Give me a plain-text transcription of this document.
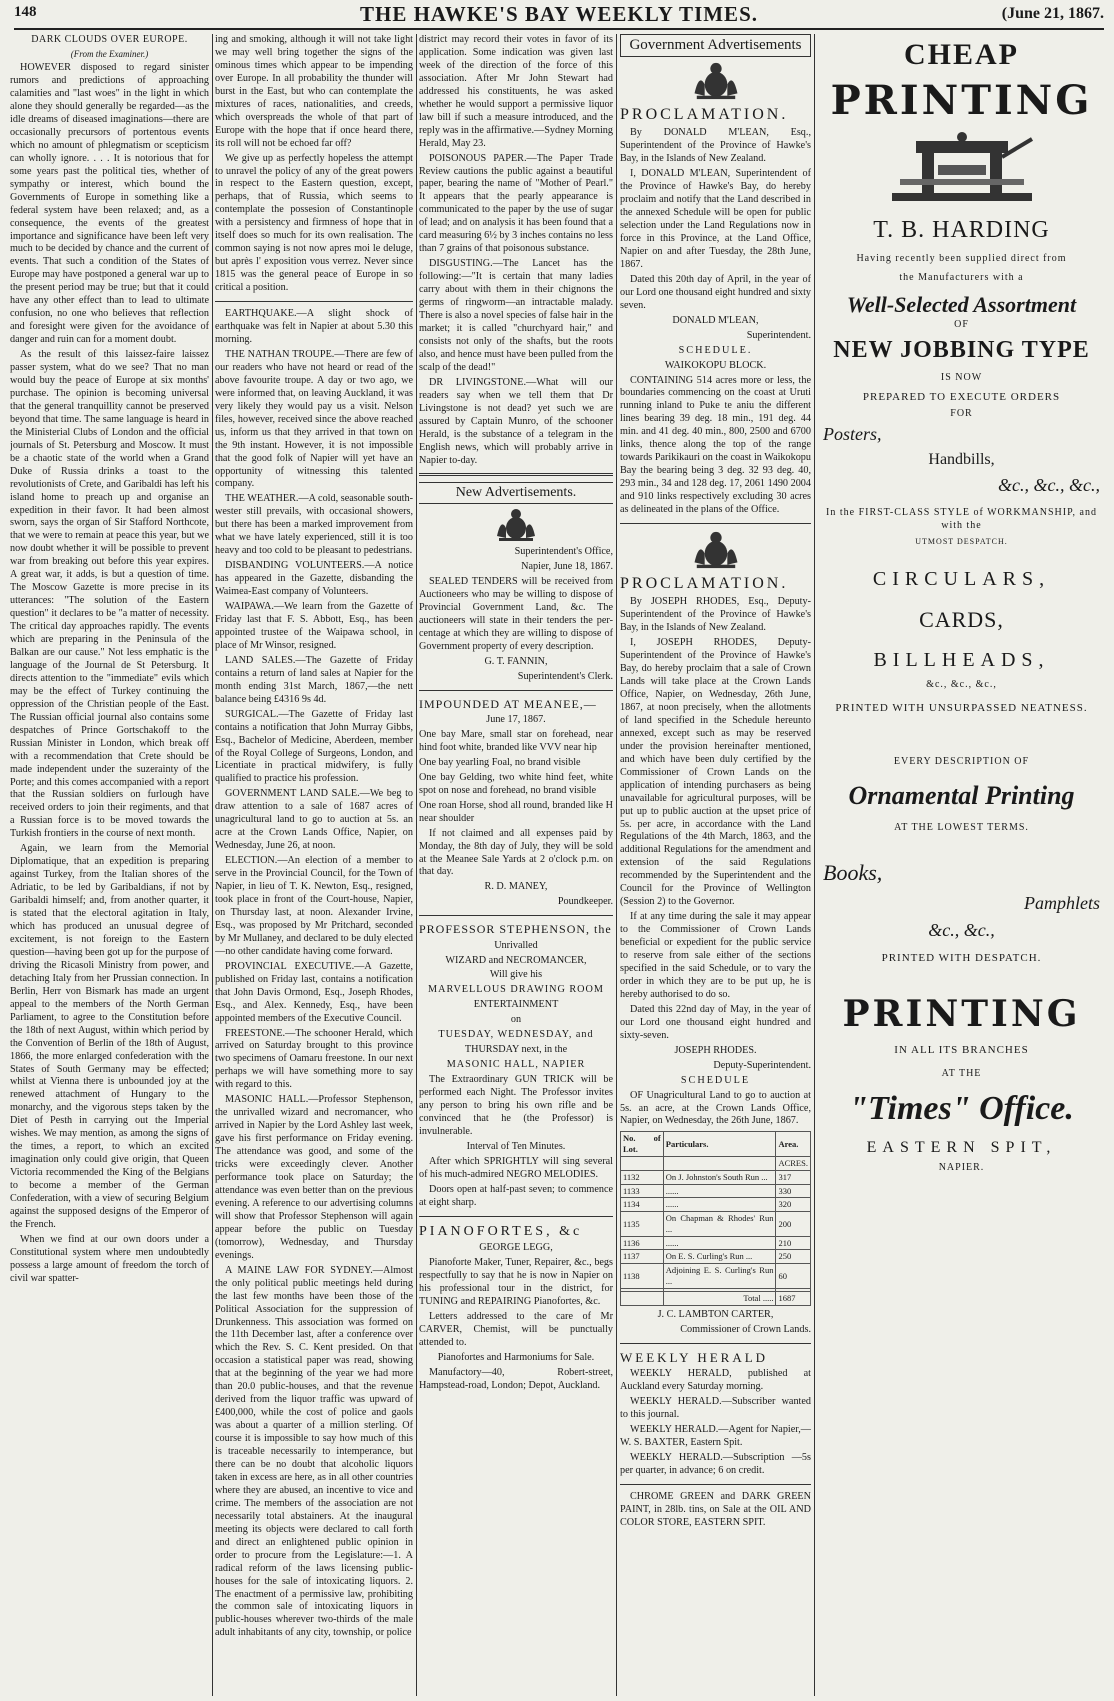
148	THE HAWKE'S BAY WEEKLY TIMES.	(June 21, 1867.

DARK CLOUDS OVER EUROPE.

(From the Examiner.)

HOWEVER disposed to regard sinister rumors and predictions of approaching calamities and "last woes" in the light in which alone they should generally be regarded—as the idle dreams of diseased imaginations—there are occasionally precursors of portentous events which no amount of phlegmatism or scepticism can wholly ignore. . . . It is notorious that for some years past the political ties, whether of sympathy or interest, which bound the Governments of Europe in something like a federal system have been relaxed; and, as a consequence, the events of the greatest importance and significance have been left very much to be decided by chance and the current of events. That such a condition of the States of Europe may have postponed a general war up to the present period may be true; but that it could have any other effect than to lead to ultimate confusion, no one who believes that reflection and foresight were given for the avoidance of danger and ruin can for a moment doubt.

As the result of this laissez-faire laissez passer system, what do we see? That no man would buy the peace of Europe at six months' purchase. The opinion is becoming universal that the general tranquillity cannot be preserved beyond that time. The same language is heard in the Ministerial Clubs of London and the official journals of St. Petersburg and Moscow. It must be a chaotic state of the world when a Grand Duke of Russia drinks a toast to the revolutionists of Crete, and Garibaldi has left his island home to preach up and organise an expedition in their favor. It had been almost sworn, says the organ of Sir Stafford Northcote, that we were to remain at peace this year, but we now doubt whether it will be possible to prevent war from breaking out before this year expires. A great war, it adds, is but a question of time. The Moscow Gazette is more precise in its utterances: "The solution of the Eastern question" it declares to be "a matter of necessity. The critical day approaches rapidly. The events which are preparing in the Peninsula of the Balkan are our cause." Not less emphatic is the language of the Journal de St Petersburg. It directs attention to the "immediate" evils which may be the effect of Turkey continuing the oppression of the Christian people of the East. The Russian official journal also contains some despatches of Prince Gortschakoff to the Russian Minister in London, which break off with a recommendation that Crete should be made independent under the suzerainty of the Porte; and this comes accompanied with a report that the Russian soldiers on furlough have received orders to join their regiments, and that a Russian force is to be moved towards the Turkish frontiers in the course of next month.

Again, we learn from the Memorial Diplomatique, that an expedition is preparing against Turkey, from the Italian shores of the Adriatic, to be led by Garibaldians, if not by Garibaldi himself; and, from another quarter, it is stated that the electoral agitation in Italy, which has produced an unusual degree of excitement, is not foreign to the Eastern question—having been got up for the purpose of driving the Ricasoli Ministry from power, and detaching Italy from her Prussian connection. In Berlin, Herr von Bismark has made an urgent appeal to the members of the North German Parliament, to agree to the Constitution before the 18th of next August, within which period by the Convention of Berlin of the 18th of August, 1866, the more enlarged confederation with the States of South Germany may be effected; whilst at Vienna there is unbounded joy at the renewed attachment of Hungary to the monarchy, and the vigorous steps taken by the Diet of Pesth in carrying out the Imperial wishes. We may mention, as among the signs of the times, a report, to which an excited imagination only could give origin, that Queen Victoria recommended the King of the Belgians to become a member of the German Confederation, with a view of securing Belgium against the supposed designs of the Emperor of the French.

When we find at our own doors under a Constitutional system where men undoubtedly possess a large amount of freedom the torch of civil war spatter-

ing and smoking, although it will not take light we may well bring together the signs of the ominous times which appear to be impending over Europe. In all probability the thunder will burst in the East, but who can contemplate the mixtures of races, nationalities, and creeds, which overspreads the whole of that part of Europe with the hope that if once heard there, its roll will not be echoed far off?

We give up as perfectly hopeless the attempt to unravel the policy of any of the great powers in respect to the Eastern question, except, perhaps, that of Russia, which seems to contemplate the possesion of Constantinople with a persistency and firmness of hope that in itself does so much for its own realisation. The common saying is not now apres moi le deluge, but après l' exposition vous verrez. Never since 1815 was the general peace of Europe in so critical a position.

EARTHQUAKE.—A slight shock of earthquake was felt in Napier at about 5.30 this morning.

THE NATHAN TROUPE.—There are few of our readers who have not heard or read of the above favourite troupe. A day or two ago, we were informed that, on leaving Auckland, it was very likely they would pay us a visit. Nelson files, however, received since the above reached us, inform us that they arrived in that town on the 9th instant. However, it is not impossible that the good folk of Napier will yet have an opportunity of witnessing this talented company.

THE WEATHER.—A cold, seasonable south-wester still prevails, with occasional showers, but there has been a marked improvement from what we have lately experienced, still it is too heavy and too cold to be pleasant to pedestrians.

DISBANDING VOLUNTEERS.—A notice has appeared in the Gazette, disbanding the Waimea-East company of Volunteers.

WAIPAWA.—We learn from the Gazette of Friday last that F. S. Abbott, Esq., has been appointed trustee of the Waipawa school, in place of Mr Winsor, resigned.

LAND SALES.—The Gazette of Friday contains a return of land sales at Napier for the month ending 31st March, 1867,—the nett balance being £4316 9s 4d.

SURGICAL.—The Gazette of Friday last contains a notification that John Murray Gibbs, Esq., Bachelor of Medicine, Aberdeen, member of the Royal College of Surgeons, London, and Licentiate in practical midwifery, is fully qualified to practice his profession.

GOVERNMENT LAND SALE.—We beg to draw attention to a sale of 1687 acres of unagricultural land to go to auction at 5s. an acre at the Crown Lands Office, Napier, on Wednesday, June 26, at noon.

ELECTION.—An election of a member to serve in the Provincial Council, for the Town of Napier, in lieu of T. K. Newton, Esq., resigned, took place in front of the Court-house, Napier, on Thursday last, at noon. Alexander Irvine, Esq., was proposed by Mr Pritchard, seconded by Mr Mullaney, and declared to be duly elected—no other candidate having come forward.

PROVINCIAL EXECUTIVE.—A Gazette, published on Friday last, contains a notification that John Davis Ormond, Esq., Joseph Rhodes, Esq., and Alex. Kennedy, Esq., have been appointed members of the Executive Council.

FREESTONE.—The schooner Herald, which arrived on Saturday brought to this province two specimens of Oamaru freestone. In our next perhaps we will have something more to say with regard to this.

MASONIC HALL.—Professor Stephenson, the unrivalled wizard and necromancer, who arrived in Napier by the Lord Ashley last week, gave his first performance on Friday evening. The attendance was good, and some of the tricks were exceedingly clever. Another performance took place on Saturday; the attendance was even better than on the previous evening. A reference to our advertising columns will show that Professor Stephenson will again appear before the public on Tuesday (tomorrow), Wednesday, and Thursday evenings.

A MAINE LAW FOR SYDNEY.—Almost the only political public meetings held during the last few months have been those of the Political Association for the suppression of Drunkenness. This association was formed on the 11th December last, after a conference over which the Rev. S. C. Kent presided. On that occasion a statistical paper was read, showing that at the beginning of the year we had more than 20.0 public-houses, and that the revenue derived from the liquor traffic was upward of £400,000, while the cost of police and gaols was about a quarter of a million sterling. Of course it is impossible to say how much of this is traceable necessarily to intemperance, but there can be no doubt that alcoholic liquors taken in excess are here, as in all other countries where they are abused, an incentive to vice and crime. The members of the association are not necessarily total abstainers. At the inaugural meeting its objects were declared to call forth and direct an enlightened public opinion in order to procure from the Legislature:—1. A radical reform of the laws licensing public-houses for the sale of intoxicating liquors. 2. The enactment of a permissive law, prohibiting the common sale of intoxicating liquors in public-houses wherever two-thirds of the male adult inhabitants of any city, township, or police

district may record their votes in favor of its application. Some indication was given last week of the direction of the force of this association. After Mr John Stewart had addressed his constituents, he was asked whether he would support a permissive liquor law bill if such a measure introduced, and the reply was in the affirmative.—Sydney Morning Herald, May 23.

POISONOUS PAPER.—The Paper Trade Review cautions the public against a beautiful paper, bearing the name of "Mother of Pearl." It appears that the pearly appearance is communicated to the paper by the use of sugar of lead; and on analysis it has been found that a card measuring 6½ by 3 inches contains no less than 7 grains of that poisonous substance.

DISGUSTING.—The Lancet has the following:—"It is certain that many ladies carry about with them in their chignons the germs of ringworm—an intractable malady. There is also a novel species of false hair in the market; it is called "churchyard hair," and consists not only of the shafts, but the roots also, and hence must have been pulled from the scalp of the dead!"

DR LIVINGSTONE.—What will our readers say when we tell them that Dr Livingstone is not dead? yet such we are assured by Captain Munro, of the schooner Herald, is the substance of a telegram in the English news, which will probably arrive in Napier to-day.

New Advertisements.

Superintendent's Office,

Napier, June 18, 1867.

SEALED TENDERS will be received from Auctioneers who may be willing to dispose of Provincial Government Land, &c. The auctioneers will state in their tenders the per-centage at which they are willing to dispose of Government property of every description.

G. T. FANNIN,

Superintendent's Clerk.

IMPOUNDED AT MEANEE,—

June 17, 1867.

One bay Mare, small star on forehead, near hind foot white, branded like VVV near hip

One bay yearling Foal, no brand visible

One bay Gelding, two white hind feet, white spot on nose and forehead, no brand visible

One roan Horse, shod all round, branded like H near shoulder

If not claimed and all expenses paid by Monday, the 8th day of July, they will be sold at the Meanee Sale Yards at 2 o'clock p.m. on that day.

R. D. MANEY,

Poundkeeper.

PROFESSOR STEPHENSON, the

Unrivalled

WIZARD and NECROMANCER,

Will give his

MARVELLOUS DRAWING ROOM

ENTERTAINMENT

on

TUESDAY, WEDNESDAY, and

THURSDAY next, in the

MASONIC HALL, NAPIER

The Extraordinary GUN TRICK will be performed each Night. The Professor invites any person to bring his own rifle and be convinced that he (the Professor) is invulnerable.

Interval of Ten Minutes.

After which SPRIGHTLY will sing several of his much-admired NEGRO MELODIES.

Doors open at half-past seven; to commence at eight sharp.

PIANOFORTES, &c

GEORGE LEGG,

Pianoforte Maker, Tuner, Repairer, &c., begs respectfully to say that he is now in Napier on his professional tour in the district, for TUNING and REPAIRING Pianofortes, &c.

Letters addressed to the care of Mr CARVER, Chemist, will be punctually attended to.

Pianofortes and Harmoniums for Sale.

Manufactory—40, Robert-street, Hampstead-road, London; Depot, Auckland.

Government Advertisements

PROCLAMATION.

By DONALD M'LEAN, Esq., Superintendent of the Province of Hawke's Bay, in the Islands of New Zealand.

I, DONALD M'LEAN, Superintendent of the Province of Hawke's Bay, do hereby proclaim and notify that the Land described in the annexed Schedule will be open for public selection under the Land Regulations now in force in this Province, at the Land Office, Napier on and after Tuesday, the 28th June, 1867.

Dated this 20th day of April, in the year of our Lord one thousand eight hundred and sixty seven.

DONALD M'LEAN,

Superintendent.

SCHEDULE.

WAIKOKOPU BLOCK.

CONTAINING 514 acres more or less, the boundaries commencing on the coast at Uruti running inland to Puke te aniu the different lines bearing 39 deg. 18 min., 191 deg. 44 min. and 41 deg. 40 min., 800, 2500 and 6700 links, thence along the top of the range towards Parikikauri on the coast in Waikokopu Bay the bearing being 3 deg. 32 93 deg. 40, 293 min., 34 and 128 deg. 17, 2061 1490 2004 and 910 links respectively excluding 30 acres as delineated in the plans of the Office.

PROCLAMATION.

By JOSEPH RHODES, Esq., Deputy-Superintendent of the Province of Hawke's Bay, in the Islands of New Zealand.

I, JOSEPH RHODES, Deputy-Superintendent of the Province of Hawke's Bay, do hereby proclaim that a sale of Crown Lands will take place at the Crown Lands Office, Napier, on Wednesday, 26th June, 1867, at noon precisely, when the allotments of land specified in the Schedule hereunto annexed, except such as may be reserved under the provision hereinafter mentioned, and which have been duly certified by the Commissioner of Crown Lands on the application of intending purchasers as being unavailable for agricultural purposes, will be put up to public auction at the upset price of 5s. per acre, in accordance with the Land Regulations of the 4th March, 1863, and the additional Regulations for the amendment and extension of the said Regulations recommended by the Superintendent and the Council for the Province of Wellington (Session 2) to the Governor.

If at any time during the sale it may appear to the Commissioner of Crown Lands beneficial or expedient for the public service to reserve from sale either of the sections specified in the said Schedule, or to vary the order in which they are to be put up, he is hereby authorised to do so.

Dated this 22nd day of May, in the year of our Lord one thousand eight hundred and sixty-seven.

JOSEPH RHODES.

Deputy-Superintendent.

SCHEDULE

OF Unagricultural Land to go to auction at 5s. an acre, at the Crown Lands Office, Napier, on Wednesday, the 26th June, 1867.

No. of Lot.	Particulars.	Area.
		ACRES.
1132	On J. Johnston's South Run ...	317
1133	......	330
1134	......	320
1135	On Chapman & Rhodes' Run ...	200
1136	......	210
1137	On E. S. Curling's Run ...	250
1138	Adjoining E. S. Curling's Run ...	60

	Total .....	1687

J. C. LAMBTON CARTER,

Commissioner of Crown Lands.

WEEKLY HERALD

WEEKLY HERALD, published at Auckland every Saturday morning.

WEEKLY HERALD.—Subscriber wanted to this journal.

WEEKLY HERALD.—Agent for Napier,—W. S. BAXTER, Eastern Spit.

WEEKLY HERALD.—Subscription —5s per quarter, in advance; 6 on credit.

CHROME GREEN and DARK GREEN PAINT, in 28lb. tins, on Sale at the OIL AND COLOR STORE, EASTERN SPIT.

CHEAP
PRINTING
T. B. HARDING
Having recently been supplied direct from
the Manufacturers with a
Well-Selected Assortment
OF
NEW JOBBING TYPE
IS NOW
PREPARED TO EXECUTE ORDERS
FOR
Posters,
Handbills,
&c., &c., &c.,
In the FIRST-CLASS STYLE of WORKMANSHIP, and with the
UTMOST DESPATCH.
CIRCULARS,
CARDS,
BILLHEADS,
&c., &c., &c.,
PRINTED WITH UNSURPASSED NEATNESS.
EVERY DESCRIPTION OF
Ornamental Printing
AT THE LOWEST TERMS.
Books,
Pamphlets
&c., &c.,
PRINTED WITH DESPATCH.
PRINTING
IN ALL ITS BRANCHES
AT THE
"Times" Office.
EASTERN SPIT,
NAPIER.
